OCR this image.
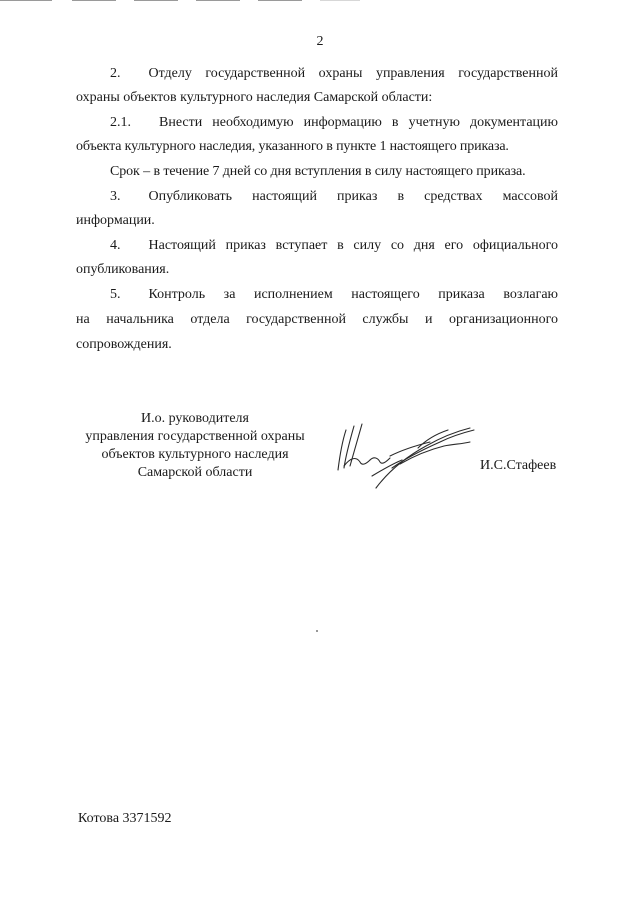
2
2.  Отделу государственной охраны управления государственной
охраны объектов культурного наследия Самарской области:
2.1.  Внести необходимую информацию в учетную документацию
объекта культурного наследия, указанного в пункте 1 настоящего приказа.
Срок – в течение 7 дней со дня вступления в силу настоящего приказа.
3.  Опубликовать настоящий приказ в средствах массовой
информации.
4.  Настоящий приказ вступает в силу со дня его официального
опубликования.
5.  Контроль за исполнением настоящего приказа возлагаю
на начальника отдела государственной службы и организационного
сопровождения.
И.о. руководителя
управления государственной охраны
объектов культурного наследия
Самарской области	И.С.Стафеев
Котова 3371592
